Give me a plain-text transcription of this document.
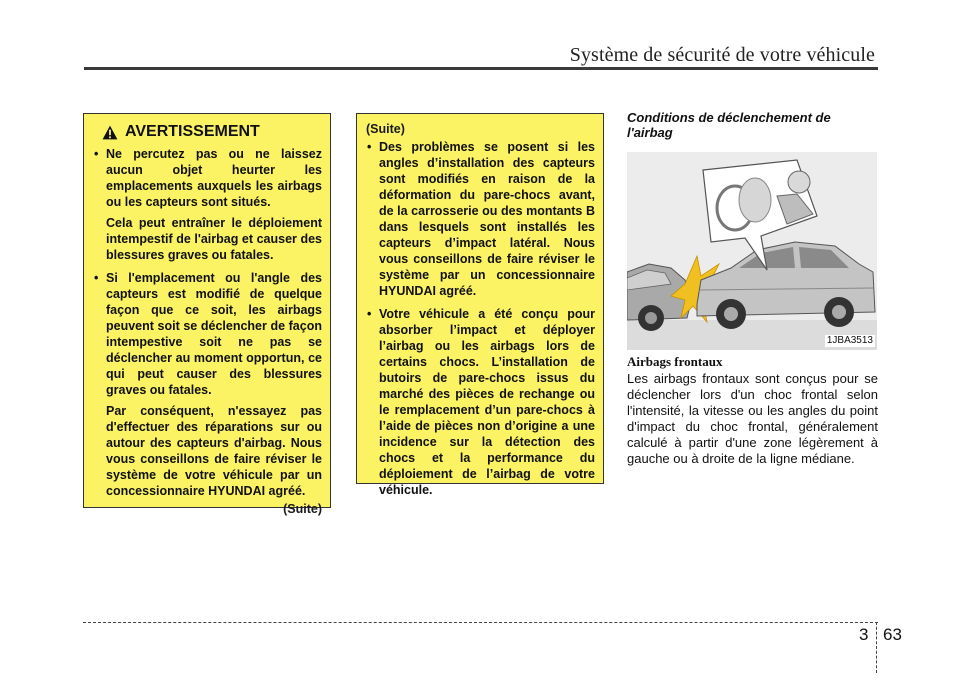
Système de sécurité de votre véhicule
AVERTISSEMENT
• Ne percutez pas ou ne laissez aucun objet heurter les emplacements auxquels les airbags ou les capteurs sont situés.
Cela peut entraîner le déploiement intempestif de l'airbag et causer des blessures graves ou fatales.
• Si l'emplacement ou l'angle des capteurs est modifié de quelque façon que ce soit, les airbags peuvent soit se déclencher de façon intempestive soit ne pas se déclencher au moment opportun, ce qui peut causer des blessures graves ou fatales.
Par conséquent, n'essayez pas d'effectuer des réparations sur ou autour des capteurs d'airbag. Nous vous conseillons de faire réviser le système de votre véhicule par un concessionnaire HYUNDAI agréé.
(Suite)
(Suite)
• Des problèmes se posent si les angles d’installation des capteurs sont modifiés en raison de la déformation du pare-chocs avant, de la carrosserie ou des montants B dans lesquels sont installés les capteurs d’impact latéral. Nous vous conseillons de faire réviser le système par un concessionnaire HYUNDAI agréé.
• Votre véhicule a été conçu pour absorber l’impact et déployer l’airbag ou les airbags lors de certains chocs. L’installation de butoirs de pare-chocs issus du marché des pièces de rechange ou le remplacement d’un pare-chocs à l’aide de pièces non d’origine a une incidence sur la détection des chocs et la performance du déploiement de l’airbag de votre véhicule.
Conditions de déclenchement de l'airbag
1JBA3513
Airbags frontaux
Les airbags frontaux sont conçus pour se déclencher lors d'un choc frontal selon l'intensité, la vitesse ou les angles du point d'impact du choc frontal, généralement calculé à partir d'une zone légèrement à gauche ou à droite de la ligne médiane.
3 63
